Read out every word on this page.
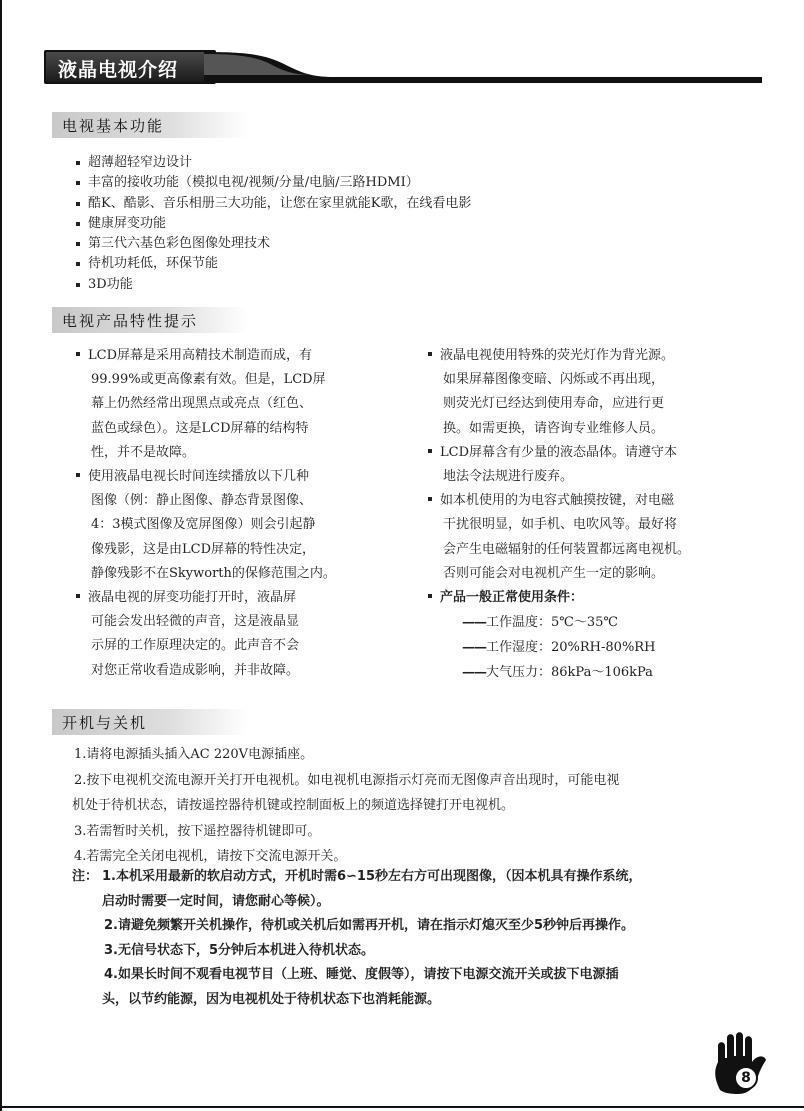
液晶电视介绍
电视基本功能
超薄超轻窄边设计
丰富的接收功能（模拟电视/视频/分量/电脑/三路HDMI）
酷K、酷影、音乐相册三大功能，让您在家里就能K歌，在线看电影
健康屏变功能
第三代六基色彩色图像处理技术
待机功耗低，环保节能
3D功能
电视产品特性提示
LCD屏幕是采用高精技术制造而成，有
99.99%或更高像素有效。但是，LCD屏
幕上仍然经常出现黑点或亮点（红色、
蓝色或绿色）。这是LCD屏幕的结构特
性，并不是故障。
使用液晶电视长时间连续播放以下几种
图像（例：静止图像、静态背景图像、
4：3模式图像及宽屏图像）则会引起静
像残影，这是由LCD屏幕的特性决定，
静像残影不在Skyworth的保修范围之内。
液晶电视的屏变功能打开时，液晶屏
可能会发出轻微的声音，这是液晶显
示屏的工作原理决定的。此声音不会
对您正常收看造成影响，并非故障。
液晶电视使用特殊的荧光灯作为背光源。
如果屏幕图像变暗、闪烁或不再出现，
则荧光灯已经达到使用寿命，应进行更
换。如需更换，请咨询专业维修人员。
LCD屏幕含有少量的液态晶体。请遵守本
地法令法规进行废弃。
如本机使用的为电容式触摸按键，对电磁
干扰很明显，如手机、电吹风等。最好将
会产生电磁辐射的任何装置都远离电视机。
否则可能会对电视机产生一定的影响。
产品一般正常使用条件：
——工作温度：5℃～35℃
——工作湿度：20%RH-80%RH
——大气压力：86kPa～106kPa
开机与关机
1.请将电源插头插入AC 220V电源插座。
2.按下电视机交流电源开关打开电视机。如电视机电源指示灯亮而无图像声音出现时，可能电视
机处于待机状态，请按遥控器待机键或控制面板上的频道选择键打开电视机。
3.若需暂时关机，按下遥控器待机键即可。
4.若需完全关闭电视机，请按下交流电源开关。
注： 1.本机采用最新的软启动方式，开机时需6∽15秒左右方可出现图像，（因本机具有操作系统，
启动时需要一定时间，请您耐心等候）。
2.请避免频繁开关机操作，待机或关机后如需再开机，请在指示灯熄灭至少5秒钟后再操作。
3.无信号状态下，5分钟后本机进入待机状态。
4.如果长时间不观看电视节目（上班、睡觉、度假等），请按下电源交流开关或拔下电源插
头，以节约能源，因为电视机处于待机状态下也消耗能源。
8
